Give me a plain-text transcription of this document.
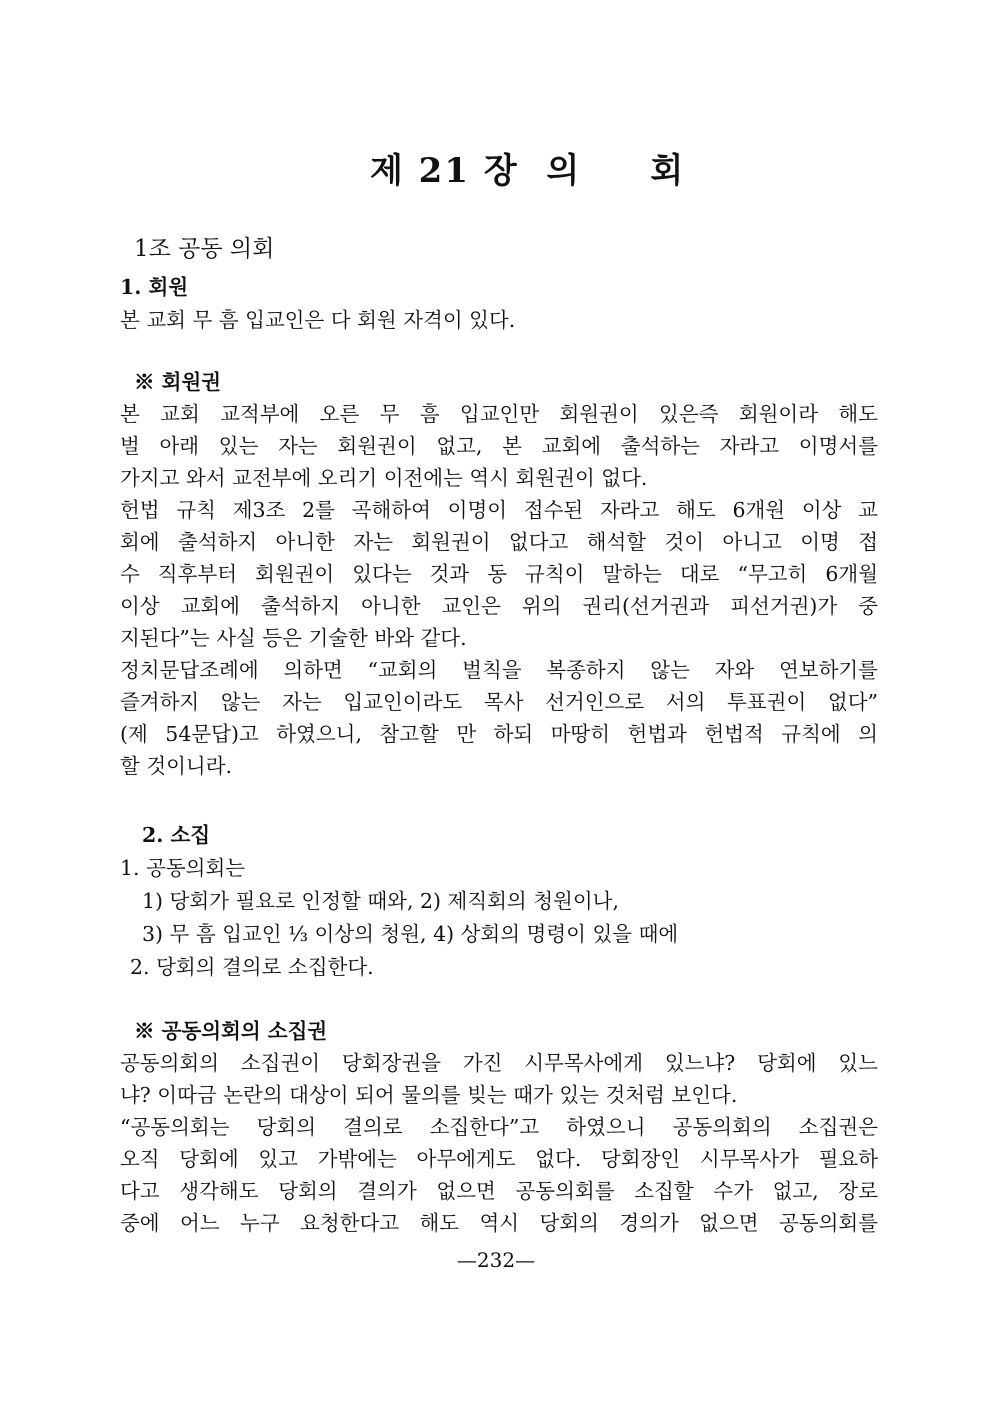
제 21 장  의     회
1조 공동 의회
1. 회원
본 교회 무 흠 입교인은 다 회원 자격이 있다.
※ 회원권
본 교회 교적부에 오른 무 흠 입교인만 회원권이 있은즉 회원이라 해도
벌 아래 있는 자는 회원권이 없고, 본 교회에 출석하는 자라고 이명서를
가지고 와서 교전부에 오리기 이전에는 역시 회원권이 없다.
헌법 규칙 제3조 2를 곡해하여 이명이 접수된 자라고 해도 6개원 이상 교
회에 출석하지 아니한 자는 회원권이 없다고 해석할 것이 아니고 이명 접
수 직후부터 회원권이 있다는 것과 동 규칙이 말하는 대로 “무고히 6개월
이상 교회에 출석하지 아니한 교인은 위의 권리(선거권과 피선거권)가 중
지된다”는 사실 등은 기술한 바와 같다.
정치문답조례에 의하면 “교회의 벌칙을 복종하지 않는 자와 연보하기를
즐겨하지 않는 자는 입교인이라도 목사 선거인으로 서의 투표권이 없다”
(제 54문답)고 하였으니, 참고할 만 하되 마땅히 헌법과 헌법적 규칙에 의
할 것이니라.
2. 소집
1. 공동의회는
1) 당회가 필요로 인정할 때와, 2) 제직회의 청원이나,
3) 무 흠 입교인 ⅓ 이상의 청원, 4) 상회의 명령이 있을 때에
2. 당회의 결의로 소집한다.
※ 공동의회의 소집권
공동의회의 소집권이 당회장권을 가진 시무목사에게 있느냐? 당회에 있느
냐? 이따금 논란의 대상이 되어 물의를 빚는 때가 있는 것처럼 보인다.
“공동의회는 당회의 결의로 소집한다”고 하였으니 공동의회의 소집권은
오직 당회에 있고 가밖에는 아무에게도 없다. 당회장인 시무목사가 필요하
다고 생각해도 당회의 결의가 없으면 공동의회를 소집할 수가 없고, 장로
중에 어느 누구 요청한다고 해도 역시 당회의 경의가 없으면 공동의회를
—232—
